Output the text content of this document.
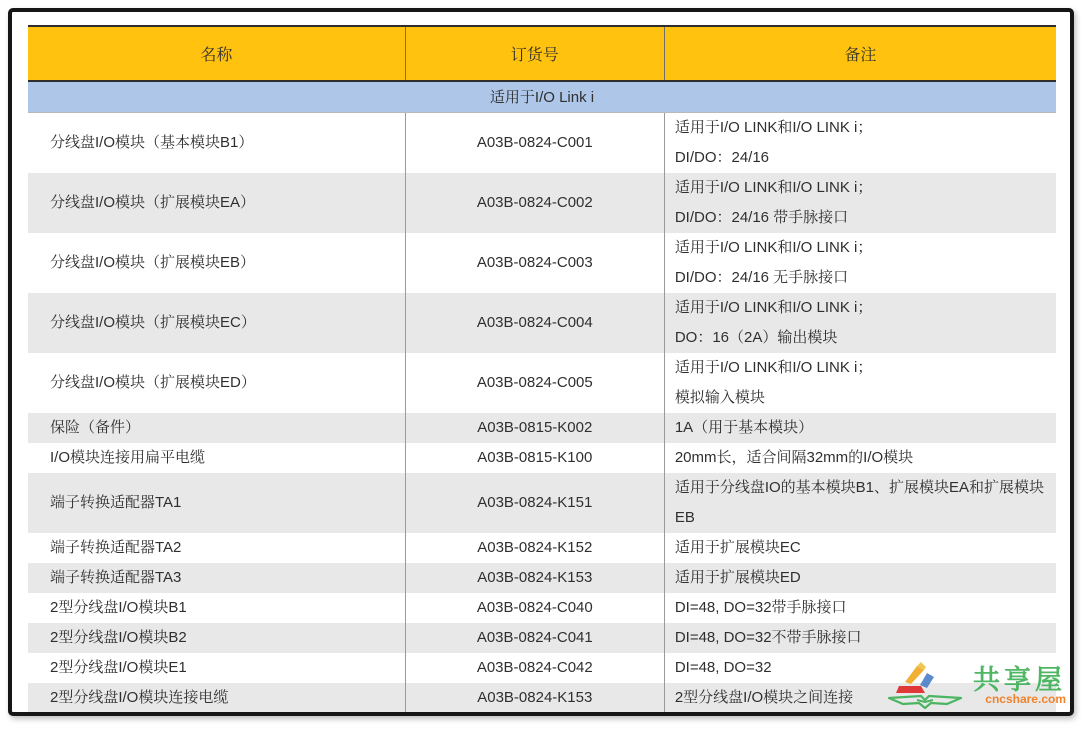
名称	订货号	备注
适用于I/O Link i		
分线盘I/O模块（基本模块B1）	A03B-0824-C001	适用于I/O LINK和I/O LINK i；
DI/DO：24/16

分线盘I/O模块（扩展模块EA）	A03B-0824-C002	适用于I/O LINK和I/O LINK i；
DI/DO：24/16 带手脉接口

分线盘I/O模块（扩展模块EB）	A03B-0824-C003	适用于I/O LINK和I/O LINK i；
DI/DO：24/16 无手脉接口

分线盘I/O模块（扩展模块EC）	A03B-0824-C004	适用于I/O LINK和I/O LINK i；
DO：16（2A）输出模块

分线盘I/O模块（扩展模块ED）	A03B-0824-C005	适用于I/O LINK和I/O LINK i；
模拟输入模块

保险（备件）	A03B-0815-K002	1A（用于基本模块）

I/O模块连接用扁平电缆	A03B-0815-K100	20mm长，适合间隔32mm的I/O模块

端子转换适配器TA1	A03B-0824-K151	适用于分线盘IO的基本模块B1、扩展模块EA和扩展模块EB

端子转换适配器TA2	A03B-0824-K152	适用于扩展模块EC

端子转换适配器TA3	A03B-0824-K153	适用于扩展模块ED

2型分线盘I/O模块B1	A03B-0824-C040	DI=48, DO=32带手脉接口

2型分线盘I/O模块B2	A03B-0824-C041	DI=48, DO=32不带手脉接口

2型分线盘I/O模块E1	A03B-0824-C042	DI=48, DO=32

2型分线盘I/O模块连接电缆	A03B-0824-K153	2型分线盘I/O模块之间连接
共享屋
cncshare.com
